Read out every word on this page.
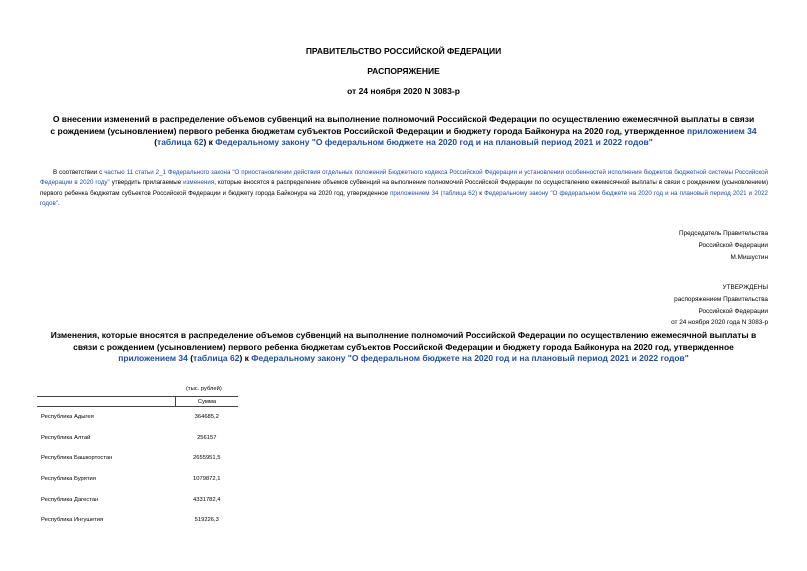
ПРАВИТЕЛЬСТВО РОССИЙСКОЙ ФЕДЕРАЦИИ
РАСПОРЯЖЕНИЕ
от 24 ноября 2020 N 3083-р
О внесении изменений в распределение объемов субвенций на выполнение полномочий Российской Федерации по осуществлению ежемесячной выплаты в связи с рождением (усыновлением) первого ребенка бюджетам субъектов Российской Федерации и бюджету города Байконура на 2020 год, утвержденное приложением 34 (таблица 62) к Федеральному закону "О федеральном бюджете на 2020 год и на плановый период 2021 и 2022 годов"
В соответствии с частью 11 статьи 2_1 Федерального закона "О приостановлении действия отдельных положений Бюджетного кодекса Российской Федерации и установлении особенностей исполнения бюджетов бюджетной системы Российской Федерации в 2020 году" утвердить прилагаемые изменения, которые вносятся в распределение объемов субвенций на выполнение полномочий Российской Федерации по осуществлению ежемесячной выплаты в связи с рождением (усыновлением) первого ребенка бюджетам субъектов Российской Федерации и бюджету города Байконура на 2020 год, утвержденное приложением 34 (таблица 62) к Федеральному закону "О федеральном бюджете на 2020 год и на плановый период 2021 и 2022 годов".
Председатель Правительства
Российской Федерации
М.Мишустин
УТВЕРЖДЕНЫ
распоряжением Правительства
Российской Федерации
от 24 ноября 2020 года N 3083-р
Изменения, которые вносятся в распределение объемов субвенций на выполнение полномочий Российской Федерации по осуществлению ежемесячной выплаты в связи с рождением (усыновлением) первого ребенка бюджетам субъектов Российской Федерации и бюджету города Байконура на 2020 год, утвержденное приложением 34 (таблица 62) к Федеральному закону "О федеральном бюджете на 2020 год и на плановый период 2021 и 2022 годов"
(тыс. рублей)
	Сумма
Республика Адыгея	364685,2
Республика Алтай	256157
Республика Башкортостан	2655951,5
Республика Бурятия	1079872,1
Республика Дагестан	4331782,4
Республика Ингушетия	519226,3
